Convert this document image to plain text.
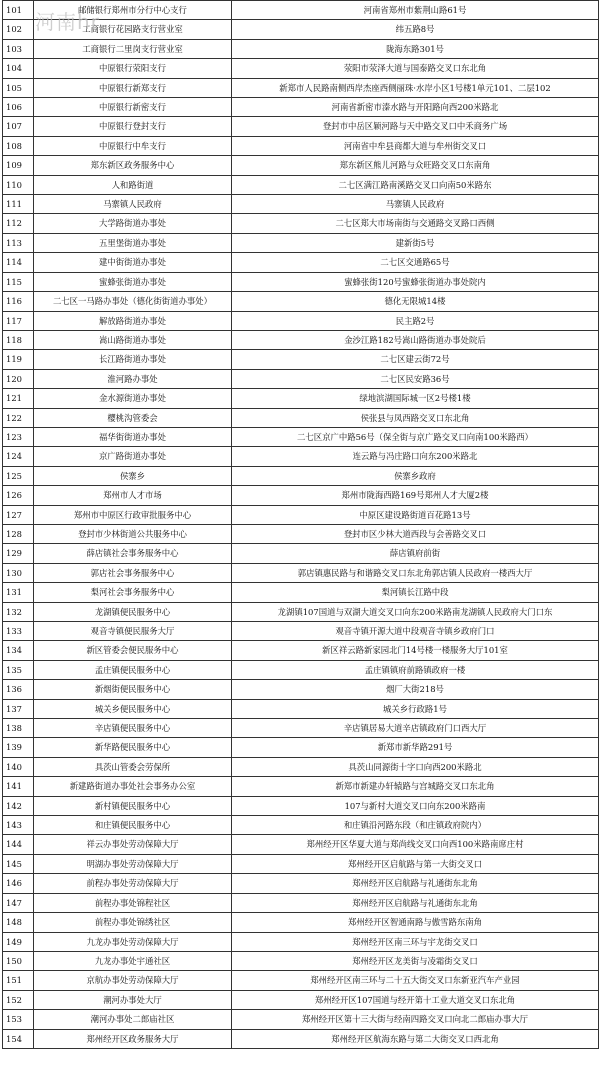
101	邮储银行郑州市分行中心支行	河南省郑州市紫荆山路61号
102	工商银行花园路支行营业室	纬五路8号
103	工商银行二里岗支行营业室	陇海东路301号
104	中原银行荥阳支行	荥阳市荥泽大道与国泰路交叉口东北角
105	中原银行新郑支行	新郑市人民路南侧西岸杰座西侧丽珠·水岸小区1号楼1单元101、二层102
106	中原银行新密支行	河南省新密市溱水路与开阳路向西200米路北
107	中原银行登封支行	登封市中岳区颖河路与天中路交叉口中禾商务广场
108	中原银行中牟支行	河南省中牟县商都大道与牟州街交叉口
109	郑东新区政务服务中心	郑东新区熊儿河路与众旺路交叉口东南角
110	人和路街道	二七区满江路南溪路交叉口向南50米路东
111	马寨镇人民政府	马寨镇人民政府
112	大学路街道办事处	二七区郑大市场南街与交通路交叉路口西侧
113	五里堡街道办事处	建新街5号
114	建中街街道办事处	二七区交通路65号
115	蜜蜂张街道办事处	蜜蜂张街120号蜜蜂张街道办事处院内
116	二七区一马路办事处（德化街街道办事处）	德化无限城14楼
117	解放路街道办事处	民主路2号
118	嵩山路街道办事处	金沙江路182号嵩山路街道办事处院后
119	长江路街道办事处	二七区建云街72号
120	淮河路办事处	二七区民安路36号
121	金水源街道办事处	绿地滨湖国际城一区2号楼1楼
122	樱桃沟管委会	侯张县与凤西路交叉口东北角
123	福华街街道办事处	二七区京广中路56号（保全街与京广路交叉口向南100米路西）
124	京广路街道办事处	连云路与冯庄路口向东200米路北
125	侯寨乡	侯寨乡政府
126	郑州市人才市场	郑州市陇海西路169号郑州人才大厦2楼
127	郑州市中原区行政审批服务中心	中原区建设路街道百花路13号
128	登封市少林街道公共服务中心	登封市区少林大道西段与会善路交叉口
129	薛店镇社会事务服务中心	薛店镇府前街
130	郭店社会事务服务中心	郭店镇惠民路与和谐路交叉口东北角郭店镇人民政府一楼西大厅
131	梨河社会事务服务中心	梨河镇长江路中段
132	龙湖镇便民服务中心	龙湖镇107国道与双湖大道交叉口向东200米路南龙湖镇人民政府大门口东
133	观音寺镇便民服务大厅	观音寺镇开源大道中段观音寺镇乡政府门口
134	新区管委会便民服务中心	新区祥云路新家园北门14号楼一楼服务大厅101室
135	孟庄镇便民服务中心	孟庄镇镇府前路镇政府一楼
136	新烟街便民服务中心	烟厂大街218号
137	城关乡便民服务中心	城关乡行政路1号
138	辛店镇便民服务中心	辛店镇居易大道辛店镇政府门口西大厅
139	新华路便民服务中心	新郑市新华路291号
140	具茨山管委会劳保所	具茨山同源街十字口向西200米路北
141	新建路街道办事处社会事务办公室	新郑市新建办轩辕路与宫城路交叉口东北角
142	新村镇便民服务中心	107与新村大道交叉口向东200米路南
143	和庄镇便民服务中心	和庄镇沿河路东段（和庄镇政府院内）
144	祥云办事处劳动保障大厅	郑州经开区华夏大道与郑尚线交叉口向西100米路南席庄村
145	明湖办事处劳动保障大厅	郑州经开区启航路与第一大街交叉口
146	前程办事处劳动保障大厅	郑州经开区启航路与礼通街东北角
147	前程办事处锦程社区	郑州经开区启航路与礼通街东北角
148	前程办事处锦绣社区	郑州经开区智通南路与傲雪路东南角
149	九龙办事处劳动保障大厅	郑州经开区南三环与宇龙街交叉口
150	九龙办事处宇通社区	郑州经开区龙美街与凌霜街交叉口
151	京航办事处劳动保障大厅	郑州经开区南三环与二十五大街交叉口东新亚汽车产业园
152	潮河办事处大厅	郑州经开区107国道与经开第十工业大道交叉口东北角
153	潮河办事处二郎庙社区	郑州经开区第十三大街与经南四路交叉口向北二郎庙办事大厅
154	郑州经开区政务服务大厅	郑州经开区航海东路与第二大街交叉口西北角
河南hr
